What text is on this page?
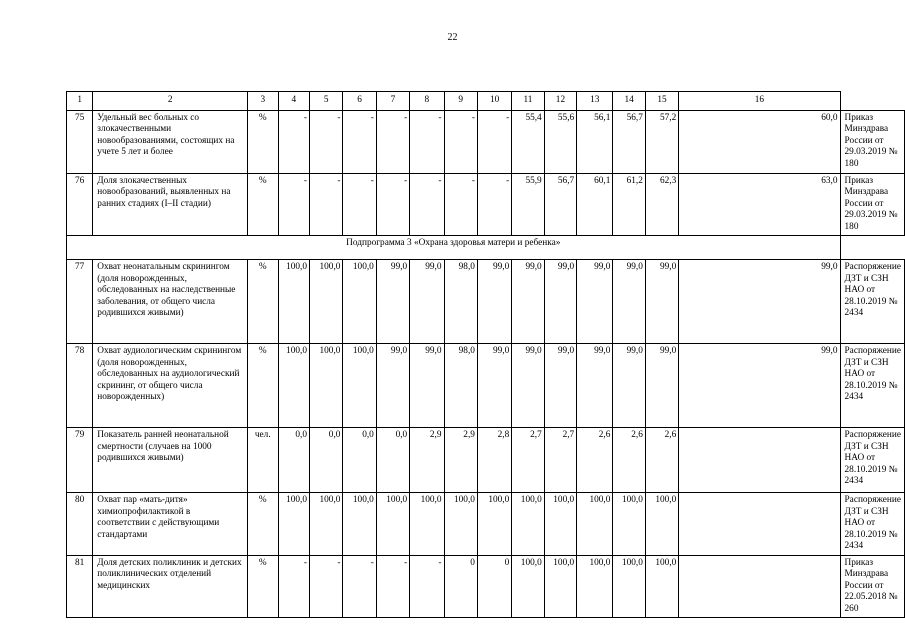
22
1	2	3	4	5	6	7	8	9	10	11	12	13	14	15	16	
75	Удельный вес больных со злокачественными новообразованиями, состоящих на учете 5 лет и более	%	-	-	-	-	-	-	-	55,4	55,6	56,1	56,7	57,2	60,0	Приказ Минздрава России от 29.03.2019 № 180
76	Доля злокачественных новообразований, выявленных на ранних стадиях (I–II стадии)	%	-	-	-	-	-	-	-	55,9	56,7	60,1	61,2	62,3	63,0	Приказ Минздрава России от 29.03.2019 № 180
Подпрограмма 3 «Охрана здоровья матери и ребенка»																
77	Охват неонатальным скринингом (доля новорожденных, обследованных на наследственные заболевания, от общего числа родившихся живыми)	%	100,0	100,0	100,0	99,0	99,0	98,0	99,0	99,0	99,0	99,0	99,0	99,0	99,0	Распоряжение ДЗТ и СЗН НАО от 28.10.2019 № 2434
78	Охват аудиологическим скринингом (доля новорожденных, обследованных на аудиологический скрининг, от общего числа новорожденных)	%	100,0	100,0	100,0	99,0	99,0	98,0	99,0	99,0	99,0	99,0	99,0	99,0	99,0	Распоряжение ДЗТ и СЗН НАО от 28.10.2019 № 2434
79	Показатель ранней неонатальной смертности (случаев на 1000 родившихся живыми)	чел.	0,0	0,0	0,0	0,0	2,9	2,9	2,8	2,7	2,7	2,6	2,6	2,6		Распоряжение ДЗТ и СЗН НАО от 28.10.2019 № 2434
80	Охват пар «мать-дитя» химиопрофилактикой в соответствии с действующими стандартами	%	100,0	100,0	100,0	100,0	100,0	100,0	100,0	100,0	100,0	100,0	100,0	100,0		Распоряжение ДЗТ и СЗН НАО от 28.10.2019 № 2434
81	Доля детских поликлиник и детских поликлинических отделений медицинских	%	-	-	-	-	-	0	0	100,0	100,0	100,0	100,0	100,0		Приказ Минздрава России от 22.05.2018 № 260
